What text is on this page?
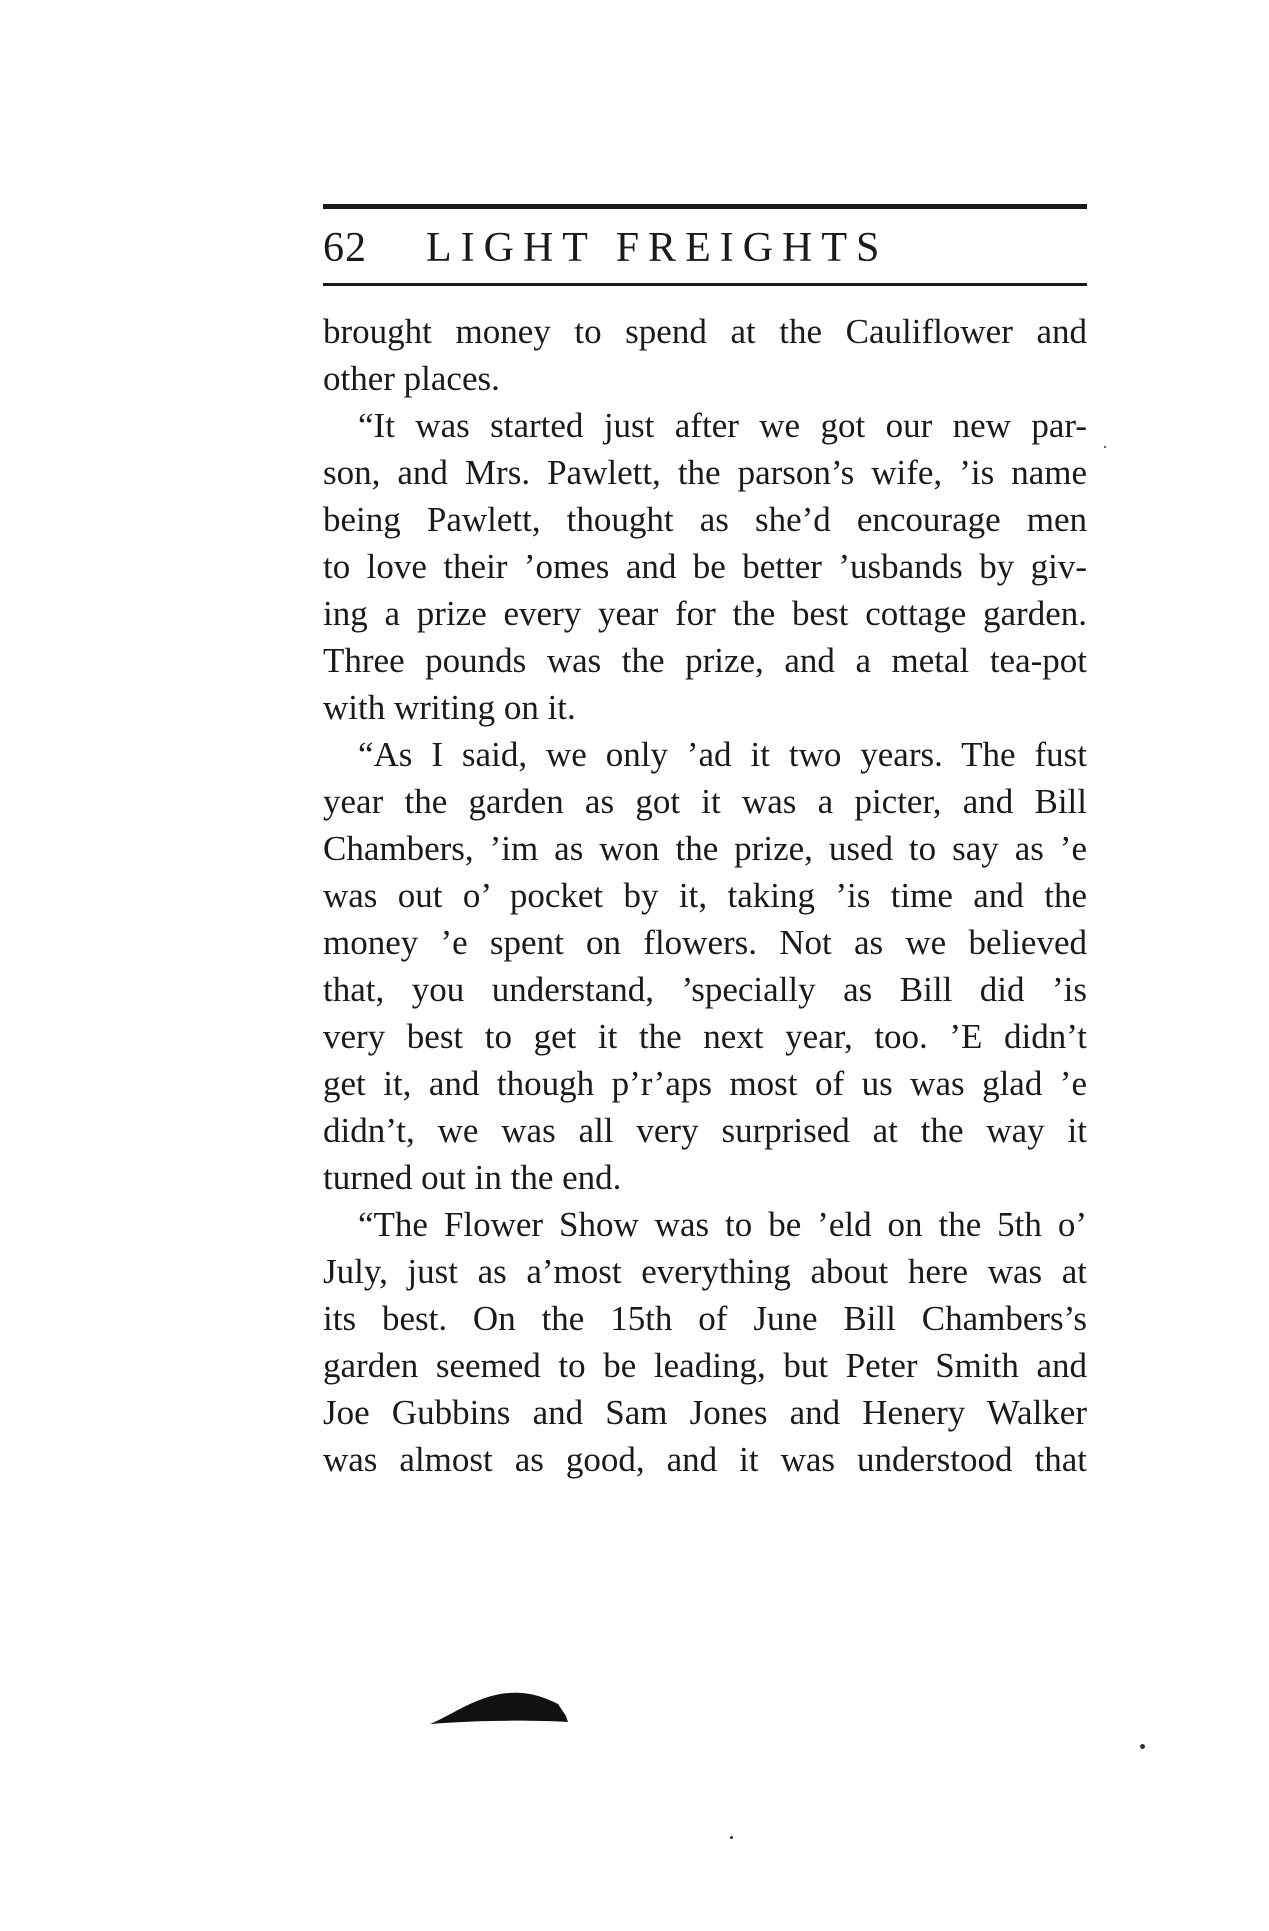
62 LIGHT FREIGHTS
brought money to spend at the Cauliflower and
other places.
“It was started just after we got our new par-
son, and Mrs. Pawlett, the parson’s wife, ’is name
being Pawlett, thought as she’d encourage men
to love their ’omes and be better ’usbands by giv-
ing a prize every year for the best cottage garden.
Three pounds was the prize, and a metal tea-pot
with writing on it.
“As I said, we only ’ad it two years. The fust
year the garden as got it was a picter, and Bill
Chambers, ’im as won the prize, used to say as ’e
was out o’ pocket by it, taking ’is time and the
money ’e spent on flowers. Not as we believed
that, you understand, ’specially as Bill did ’is
very best to get it the next year, too. ’E didn’t
get it, and though p’r’aps most of us was glad ’e
didn’t, we was all very surprised at the way it
turned out in the end.
“The Flower Show was to be ’eld on the 5th o’
July, just as a’most everything about here was at
its best. On the 15th of June Bill Chambers’s
garden seemed to be leading, but Peter Smith and
Joe Gubbins and Sam Jones and Henery Walker
was almost as good, and it was understood that
